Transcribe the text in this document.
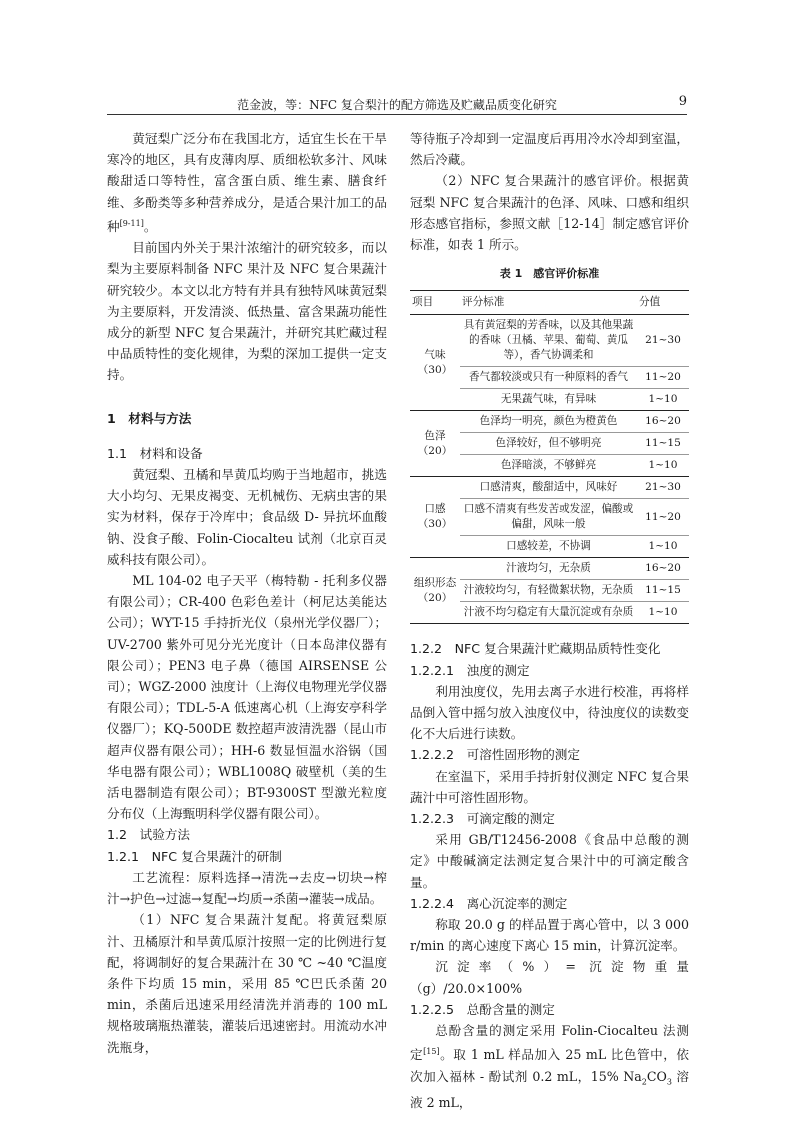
范金波，等：NFC 复合梨汁的配方筛选及贮藏品质变化研究	9

黄冠梨广泛分布在我国北方，适宜生长在干旱寒冷的地区，具有皮薄肉厚、质细松软多汁、风味酸甜适口等特性，富含蛋白质、维生素、膳食纤维、多酚类等多种营养成分，是适合果汁加工的品种[9-11]。

目前国内外关于果汁浓缩汁的研究较多，而以梨为主要原料制备 NFC 果汁及 NFC 复合果蔬汁研究较少。本文以北方特有并具有独特风味黄冠梨为主要原料，开发清淡、低热量、富含果蔬功能性成分的新型 NFC 复合果蔬汁，并研究其贮藏过程中品质特性的变化规律，为梨的深加工提供一定支持。

1　材料与方法

1.1　材料和设备

黄冠梨、丑橘和旱黄瓜均购于当地超市，挑选大小均匀、无果皮褐变、无机械伤、无病虫害的果实为材料，保存于冷库中；食品级 D- 异抗坏血酸钠、没食子酸、Folin-Ciocalteu 试剂（北京百灵威科技有限公司）。

ML 104-02 电子天平（梅特勒 - 托利多仪器有限公司）；CR-400 色彩色差计（柯尼达美能达公司）；WYT-15 手持折光仪（泉州光学仪器厂）；UV-2700 紫外可见分光光度计（日本岛津仪器有限公司）；PEN3 电子鼻（德国 AIRSENSE 公司）；WGZ-2000 浊度计（上海仪电物理光学仪器有限公司）；TDL-5-A 低速离心机（上海安亭科学仪器厂）；KQ-500DE 数控超声波清洗器（昆山市超声仪器有限公司）；HH-6 数显恒温水浴锅（国华电器有限公司）；WBL1008Q 破壁机（美的生活电器制造有限公司）；BT-9300ST 型激光粒度分布仪（上海甄明科学仪器有限公司）。

1.2　试验方法

1.2.1　NFC 复合果蔬汁的研制

工艺流程：原料选择→清洗→去皮→切块→榨汁→护色→过滤→复配→均质→杀菌→灌装→成品。

（1）NFC 复合果蔬汁复配。将黄冠梨原汁、丑橘原汁和旱黄瓜原汁按照一定的比例进行复配，将调制好的复合果蔬汁在 30 ℃ ~40 ℃温度条件下均质 15 min，采用 85 ℃巴氏杀菌 20 min，杀菌后迅速采用经清洗并消毒的 100 mL 规格玻璃瓶热灌装，灌装后迅速密封。用流动水冲洗瓶身，

等待瓶子冷却到一定温度后再用冷水冷却到室温，然后冷藏。

（2）NFC 复合果蔬汁的感官评价。根据黄冠梨 NFC 复合果蔬汁的色泽、风味、口感和组织形态感官指标，参照文献［12-14］制定感官评价标准，如表 1 所示。

表 1　感官评价标准

项目	评分标准	分值
气味（30）	具有黄冠梨的芳香味，以及其他果蔬的香味（丑橘、苹果、葡萄、黄瓜等），香气协调柔和	21~30
	香气都较淡或只有一种原料的香气	11~20
	无果蔬气味，有异味	1~10
色泽（20）	色泽均一明亮，颜色为橙黄色	16~20
	色泽较好，但不够明亮	11~15
	色泽暗淡，不够鲜亮	1~10
口感（30）	口感清爽，酸甜适中，风味好	21~30
	口感不清爽有些发苦或发涩，偏酸或偏甜，风味一般	11~20
	口感较差，不协调	1~10
组织形态（20）	汁液均匀，无杂质	16~20
	汁液较均匀，有轻微絮状物，无杂质	11~15
	汁液不均匀稳定有大量沉淀或有杂质	1~10

1.2.2　NFC 复合果蔬汁贮藏期品质特性变化

1.2.2.1　浊度的测定

利用浊度仪，先用去离子水进行校准，再将样品倒入管中摇匀放入浊度仪中，待浊度仪的读数变化不大后进行读数。

1.2.2.2　可溶性固形物的测定

在室温下，采用手持折射仪测定 NFC 复合果蔬汁中可溶性固形物。

1.2.2.3　可滴定酸的测定

采用 GB/T12456-2008《食品中总酸的测定》中酸碱滴定法测定复合果汁中的可滴定酸含量。

1.2.2.4　离心沉淀率的测定

称取 20.0 g 的样品置于离心管中，以 3 000 r/min 的离心速度下离心 15 min，计算沉淀率。

沉淀率（%）= 沉淀物重量（g）/20.0×100%

1.2.2.5　总酚含量的测定

总酚含量的测定采用 Folin-Ciocalteu 法测定[15]。取 1 mL 样品加入 25 mL 比色管中，依次加入福林 - 酚试剂 0.2 mL，15% $Na_2CO_3$ 溶液 2 mL，
